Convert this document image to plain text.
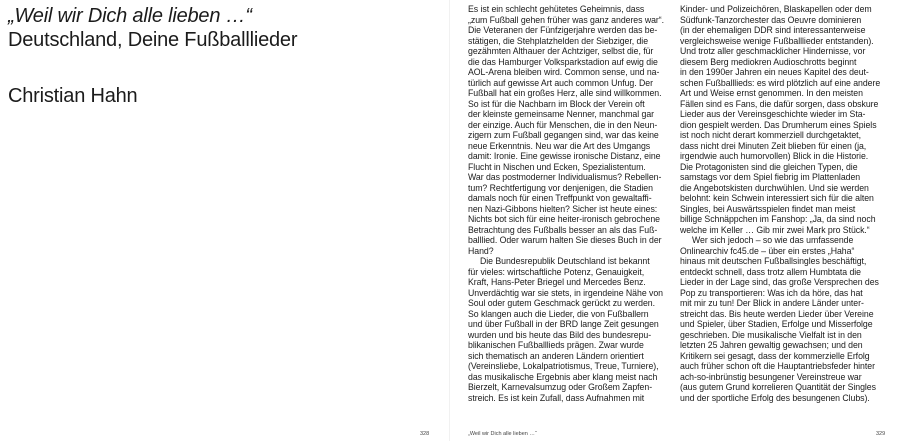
„Weil wir Dich alle lieben …“
Deutschland, Deine Fußballlieder
Christian Hahn
328

Es ist ein schlecht gehütetes Geheimnis, dass

„zum Fußball gehen früher was ganz anderes war“.

Die Veteranen der Fünfzigerjahre werden das be-

stätigen, die Stehplatzhelden der Siebziger, die

gezähmten Althauer der Achtziger, selbst die, für

die das Hamburger Volksparkstadion auf ewig die

AOL-Arena bleiben wird. Common sense, und na-

türlich auf gewisse Art auch common Unfug. Der

Fußball hat ein großes Herz, alle sind willkommen.

So ist für die Nachbarn im Block der Verein oft

der kleinste gemeinsame Nenner, manchmal gar

der einzige. Auch für Menschen, die in den Neun-

zigern zum Fußball gegangen sind, war das keine

neue Erkenntnis. Neu war die Art des Umgangs

damit: Ironie. Eine gewisse ironische Distanz, eine

Flucht in Nischen und Ecken, Spezialistentum.

War das postmoderner Individualismus? Rebellen-

tum? Rechtfertigung vor denjenigen, die Stadien

damals noch für einen Treffpunkt von gewaltaffi-

nen Nazi-Gibbons hielten? Sicher ist heute eines:

Nichts bot sich für eine heiter-ironisch gebrochene

Betrachtung des Fußballs besser an als das Fuß-

balllied. Oder warum halten Sie dieses Buch in der

Hand?

Die Bundesrepublik Deutschland ist bekannt

für vieles: wirtschaftliche Potenz, Genauigkeit,

Kraft, Hans-Peter Briegel und Mercedes Benz.

Unverdächtig war sie stets, in irgendeine Nähe von

Soul oder gutem Geschmack gerückt zu werden.

So klangen auch die Lieder, die von Fußballern

und über Fußball in der BRD lange Zeit gesungen

wurden und bis heute das Bild des bundesrepu-

blikanischen Fußballlieds prägen. Zwar wurde

sich thematisch an anderen Ländern orientiert

(Vereinsliebe, Lokalpatriotismus, Treue, Turniere),

das musikalische Ergebnis aber klang meist nach

Bierzelt, Karnevalsumzug oder Großem Zapfen-

streich. Es ist kein Zufall, dass Aufnahmen mit

Kinder- und Polizeichören, Blaskapellen oder dem

Südfunk-Tanzorchester das Oeuvre dominieren

(in der ehemaligen DDR sind interessanterweise

vergleichsweise wenige Fußballlieder entstanden).

Und trotz aller geschmacklicher Hindernisse, vor

diesem Berg mediokren Audioschrotts beginnt

in den 1990er Jahren ein neues Kapitel des deut-

schen Fußballlieds: es wird plötzlich auf eine andere

Art und Weise ernst genommen. In den meisten

Fällen sind es Fans, die dafür sorgen, dass obskure

Lieder aus der Vereinsgeschichte wieder im Sta-

dion gespielt werden. Das Drumherum eines Spiels

ist noch nicht derart kommerziell durchgetaktet,

dass nicht drei Minuten Zeit blieben für einen (ja,

irgendwie auch humorvollen) Blick in die Historie.

Die Protagonisten sind die gleichen Typen, die

samstags vor dem Spiel fiebrig im Plattenladen

die Angebotskisten durchwühlen. Und sie werden

belohnt: kein Schwein interessiert sich für die alten

Singles, bei Auswärtsspielen findet man meist

billige Schnäppchen im Fanshop: „Ja, da sind noch

welche im Keller … Gib mir zwei Mark pro Stück.“

Wer sich jedoch – so wie das umfassende

Onlinearchiv fc45.de – über ein erstes „Haha“

hinaus mit deutschen Fußballsingles beschäftigt,

entdeckt schnell, dass trotz allem Humbtata die

Lieder in der Lage sind, das große Versprechen des

Pop zu transportieren: Was ich da höre, das hat

mit mir zu tun! Der Blick in andere Länder unter-

streicht das. Bis heute werden Lieder über Vereine

und Spieler, über Stadien, Erfolge und Misserfolge

geschrieben. Die musikalische Vielfalt ist in den

letzten 25 Jahren gewaltig gewachsen; und den

Kritikern sei gesagt, dass der kommerzielle Erfolg

auch früher schon oft die Hauptantriebsfeder hinter

ach-so-inbrünstig besungener Vereinstreue war

(aus gutem Grund korrelieren Quantität der Singles

und der sportliche Erfolg des besungenen Clubs).

„Weil wir Dich alle lieben …“	329
